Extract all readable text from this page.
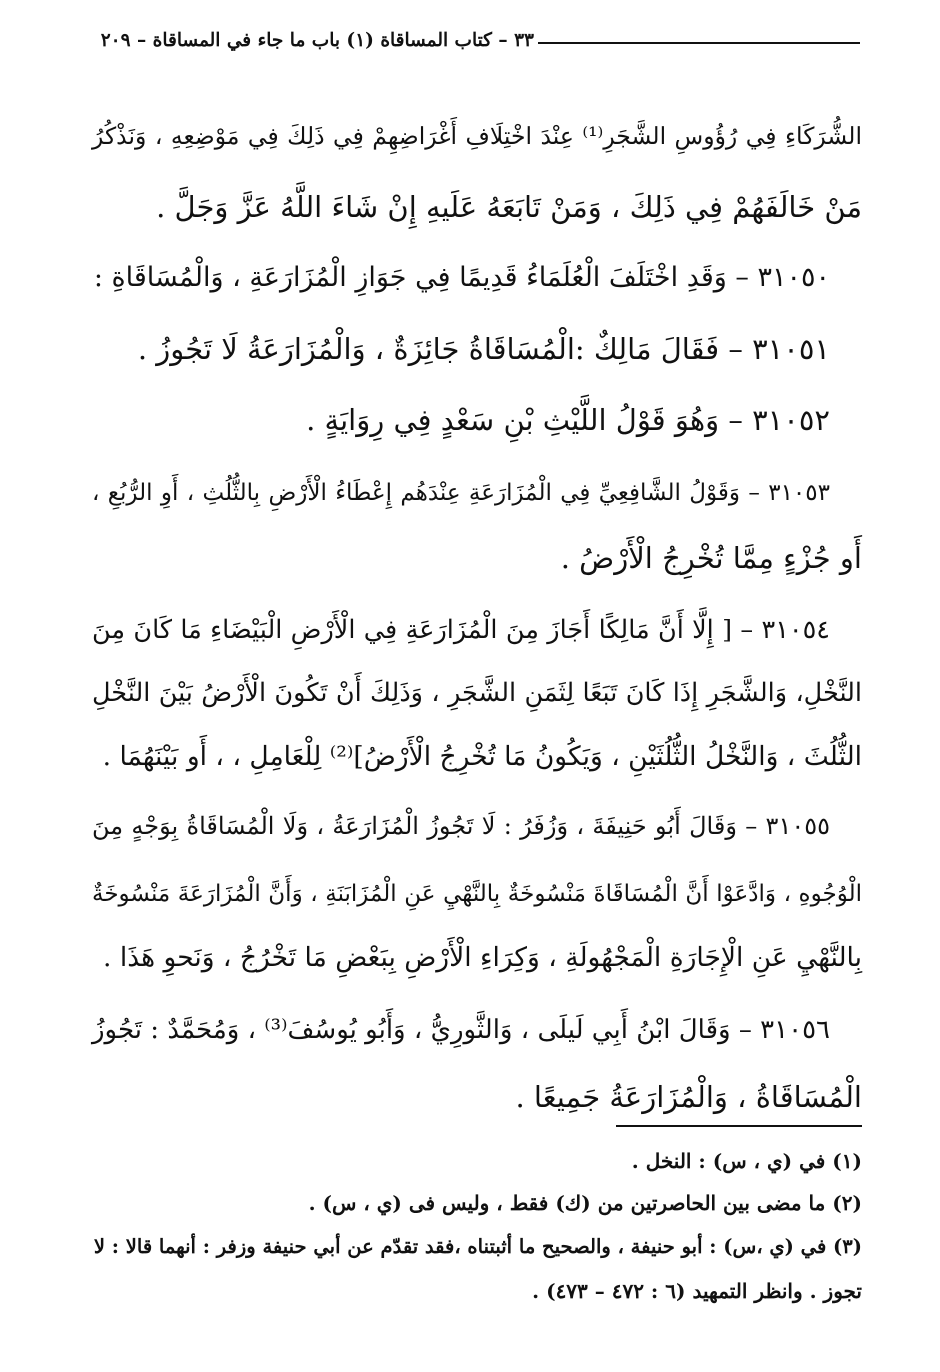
٣٣ – كتاب المساقاة (١) باب ما جاء في المساقاة – ٢٠٩
الشُّرَكَاءِ فِي رُؤُوسِ الشَّجَرِ⁽¹⁾ عِنْدَ اخْتِلَافِ أَغْرَاضِهِمْ فِي ذَلِكَ فِي مَوْضِعِهِ ، وَنَذْكُرُ
مَنْ خَالَفَهُمْ فِي ذَلِكَ ، وَمَنْ تَابَعَهُ عَلَيهِ إِنْ شَاءَ اللَّهُ عَزَّ وَجَلَّ .
٣١٠٥٠ – وَقَدِ اخْتَلَفَ الْعُلَمَاءُ قَدِيمًا فِي جَوَازِ الْمُزَارَعَةِ ، وَالْمُسَاقَاةِ :
٣١٠٥١ – فَقَالَ مَالِكٌ :الْمُسَاقَاةُ جَائِزَةٌ ، وَالْمُزَارَعَةُ لَا تَجُوزُ .
٣١٠٥٢ – وَهُوَ قَوْلُ اللَّيْثِ بْنِ سَعْدٍ فِي رِوَايَةٍ .
٣١٠٥٣ – وَقَوْلُ الشَّافِعِيِّ فِي الْمُزَارَعَةِ عِنْدَهُم إِعْطَاءُ الْأَرْضِ بِالثُّلُثِ ، أَوِ الرُّبُعِ ،
أَو جُزْءٍ مِمَّا تُخْرِجُ الْأَرْضُ .
٣١٠٥٤ – [ إِلَّا أَنَّ مَالِكًا أَجَازَ مِنَ الْمُزَارَعَةِ فِي الْأَرْضِ الْبَيْضَاءِ مَا كَانَ مِنَ
النَّخْلِ، وَالشَّجَرِ إِذَا كَانَ تَبَعًا لِثَمَنِ الشَّجَرِ ، وَذَلِكَ أَنْ تَكُونَ الْأَرْضُ بَيْنَ النَّخْلِ
الثُّلُثَ ، وَالنَّخْلُ الثُّلُثَيْنِ ، وَيَكُونُ مَا تُخْرِجُ الْأَرْضُ]⁽²⁾ لِلْعَامِلِ ، ، أَو بَيْنَهُمَا .
٣١٠٥٥ – وَقَالَ أَبُو حَنِيفَةَ ، وَزُفَرُ : لَا تَجُوزُ الْمُزَارَعَةُ ، وَلَا الْمُسَاقَاةُ بِوَجْهٍ مِنَ
الْوُجُوهِ ، وَادَّعَوْا أَنَّ الْمُسَاقَاةَ مَنْسُوخَةٌ بِالنَّهْيِ عَنِ الْمُزَابَنَةِ ، وَأَنَّ الْمُزَارَعَةَ مَنْسُوخَةٌ
بِالنَّهْيِ عَنِ الْإِجَارَةِ الْمَجْهُولَةِ ، وَكِرَاءِ الْأَرْضِ بِبَعْضِ مَا تَخْرُجُ ، وَنَحوِ هَذَا .
٣١٠٥٦ – وَقَالَ ابْنُ أَبِي لَيلَى ، وَالثَّورِيُّ ، وَأَبُو يُوسُفَ⁽³⁾ ، وَمُحَمَّدٌ : تَجُوزُ
الْمُسَاقَاةُ ، وَالْمُزَارَعَةُ جَمِيعًا .
(١) في (ي ، س) : النخل .
(٢) ما مضى بين الحاصرتين من (ك) فقط ، وليس فى (ي ، س) .
(٣) في (ي ،س) : أبو حنيفة ، والصحيح ما أثبتناه ،فقد تقدّم عن أبي حنيفة وزفر : أنهما قالا : لا
تجوز . وانظر التمهيد (٦ : ٤٧٢ – ٤٧٣) .
